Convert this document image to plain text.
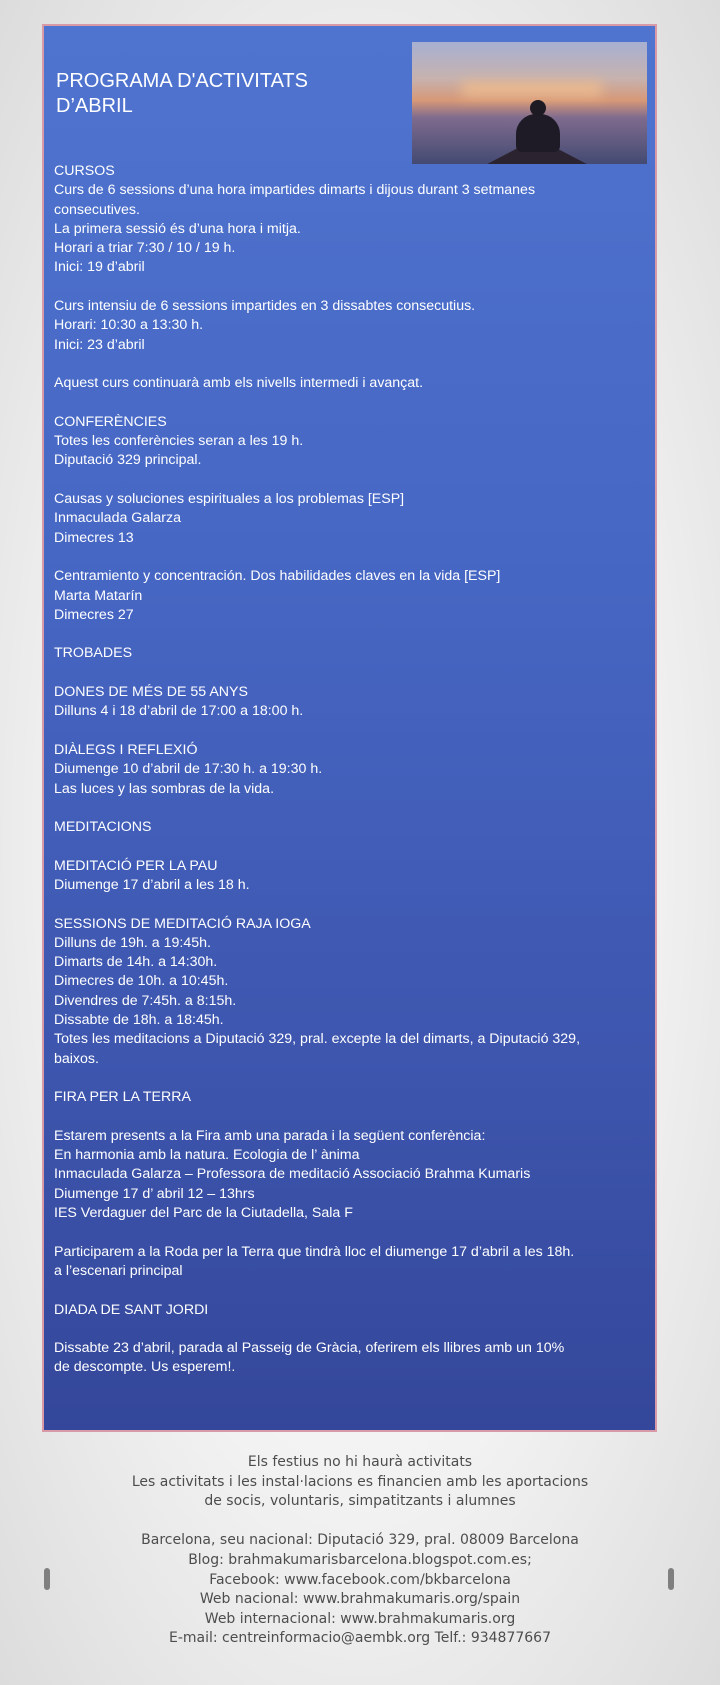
PROGRAMA D'ACTIVITATS
D’ABRIL
CURSOS
Curs de 6 sessions d’una hora impartides dimarts i dijous durant 3 setmanes
consecutives.
La primera sessió és d’una hora i mitja.
Horari a triar 7:30 / 10 / 19 h.
Inici: 19 d’abril
Curs intensiu de 6 sessions impartides en 3 dissabtes consecutius.
Horari: 10:30 a 13:30 h.
Inici: 23 d’abril
Aquest curs continuarà amb els nivells intermedi i avançat.
CONFERÈNCIES
Totes les conferències seran a les 19 h.
Diputació 329 principal.
Causas y soluciones espirituales a los problemas [ESP]
Inmaculada Galarza
Dimecres 13
Centramiento y concentración. Dos habilidades claves en la vida [ESP]
Marta Matarín
Dimecres 27
TROBADES
DONES DE MÉS DE 55 ANYS
Dilluns 4 i 18 d’abril de 17:00 a 18:00 h.
DIÀLEGS I REFLEXIÓ
Diumenge 10 d’abril de 17:30 h. a 19:30 h.
Las luces y las sombras de la vida.
MEDITACIONS
MEDITACIÓ PER LA PAU
Diumenge 17 d’abril a les 18 h.
SESSIONS DE MEDITACIÓ RAJA IOGA
Dilluns de 19h. a 19:45h.
Dimarts de 14h. a 14:30h.
Dimecres de 10h. a 10:45h.
Divendres de 7:45h. a 8:15h.
Dissabte de 18h. a 18:45h.
Totes les meditacions a Diputació 329, pral. excepte la del dimarts, a Diputació 329,
baixos.
FIRA PER LA TERRA
Estarem presents a la Fira amb una parada i la següent conferència:
En harmonia amb la natura. Ecologia de l’ ànima
Inmaculada Galarza – Professora de meditació Associació Brahma Kumaris
Diumenge 17 d’ abril 12 – 13hrs
IES Verdaguer del Parc de la Ciutadella, Sala F
Participarem a la Roda per la Terra que tindrà lloc el diumenge 17 d’abril a les 18h.
a l’escenari principal
DIADA DE SANT JORDI
Dissabte 23 d’abril, parada al Passeig de Gràcia, oferirem els llibres amb un 10%
de descompte. Us esperem!.
Els festius no hi haurà activitats
Les activitats i les instal·lacions es financien amb les aportacions
de socis, voluntaris, simpatitzants i alumnes
Barcelona, seu nacional: Diputació 329, pral. 08009 Barcelona
Blog: brahmakumarisbarcelona.blogspot.com.es;
Facebook: www.facebook.com/bkbarcelona
Web nacional: www.brahmakumaris.org/spain
Web internacional: www.brahmakumaris.org
E-mail: centreinformacio@aembk.org Telf.: 934877667
